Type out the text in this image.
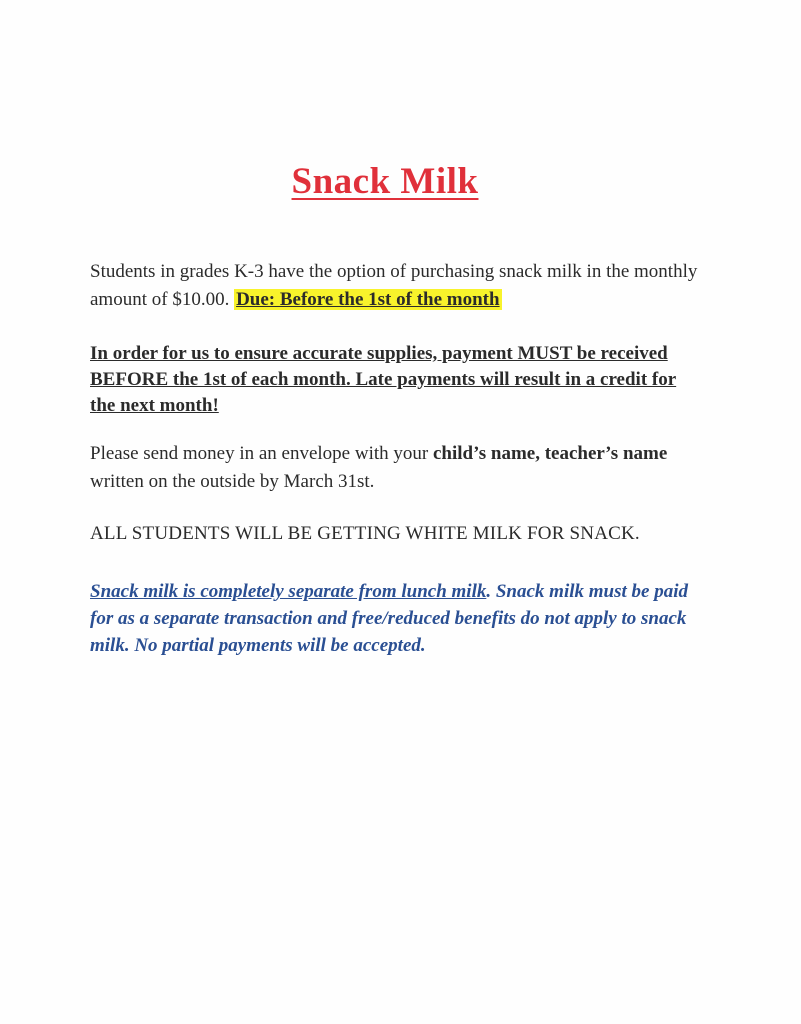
Snack Milk
Students in grades K-3 have the option of purchasing snack milk in the monthly amount of $10.00. Due: Before the 1st of the month
In order for us to ensure accurate supplies, payment MUST be received BEFORE the 1st of each month. Late payments will result in a credit for the next month!
Please send money in an envelope with your child’s name, teacher’s name written on the outside by March 31st.
ALL STUDENTS WILL BE GETTING WHITE MILK FOR SNACK.
Snack milk is completely separate from lunch milk. Snack milk must be paid for as a separate transaction and free/reduced benefits do not apply to snack milk. No partial payments will be accepted.
